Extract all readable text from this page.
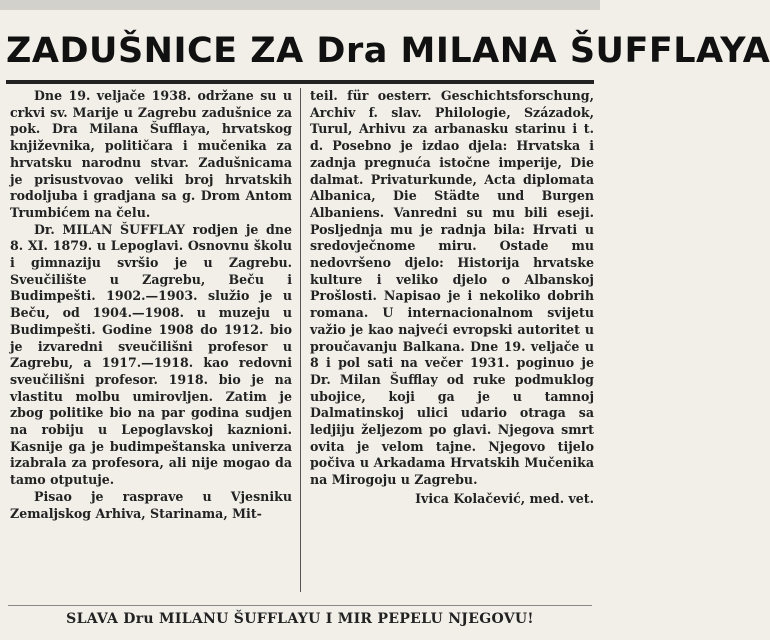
ZADUŠNICE ZA Dra MILANA ŠUFFLAYA

Dne 19. veljače 1938. održane su u crkvi sv. Marije u Zagrebu zadušnice za pok. Dra Milana Šufflaya, hrvatskog književnika, političara i mučenika za hrvatsku narodnu stvar. Zadušnicama je prisustvovao veliki broj hrvatskih rodoljuba i gradjana sa g. Drom Antom Trumbićem na čelu.

Dr. MILAN ŠUFFLAY rodjen je dne 8. XI. 1879. u Lepoglavi. Osnovnu školu i gimnaziju svršio je u Zagrebu. Sveučilište u Zagrebu, Beču i Budimpešti. 1902.—1903. služio je u Beču, od 1904.—1908. u muzeju u Budimpešti. Godine 1908 do 1912. bio je izvaredni sveučilišni profesor u Zagrebu, a 1917.—1918. kao redovni sveučilišni profesor. 1918. bio je na vlastitu molbu umirovljen. Zatim je zbog politike bio na par godina sudjen na robiju u Lepoglavskoj kaznioni. Kasnije ga je budimpeštanska univerza izabrala za profesora, ali nije mogao da tamo otputuje.

Pisao je rasprave u Vjesniku Zemaljskog Arhiva, Starinama, Mit-

teil. für oesterr. Geschichtsforschung, Archiv f. slav. Philologie, Századok, Turul, Arhivu za arbanasku starinu i t. d. Posebno je izdao djela: Hrvatska i zadnja pregnuća istočne imperije, Die dalmat. Privaturkunde, Acta diplomata Albanica, Die Städte und Burgen Albaniens. Vanredni su mu bili eseji. Posljednja mu je radnja bila: Hrvati u sredovječnome miru. Ostade mu nedovršeno djelo: Historija hrvatske kulture i veliko djelo o Albanskoj Prošlosti. Napisao je i nekoliko dobrih romana. U internacionalnom svijetu važio je kao najveći evropski autoritet u proučavanju Balkana. Dne 19. veljače u 8 i pol sati na večer 1931. poginuo je Dr. Milan Šufflay od ruke podmuklog ubojice, koji ga je u tamnoj Dalmatinskoj ulici udario otraga sa ledjiju željezom po glavi. Njegova smrt ovita je velom tajne. Njegovo tijelo počiva u Arkadama Hrvatskih Mučenika na Mirogoju u Zagrebu.

Ivica Kolačević, med. vet.
SLAVA Dru MILANU ŠUFFLAYU I MIR PEPELU NJEGOVU!
